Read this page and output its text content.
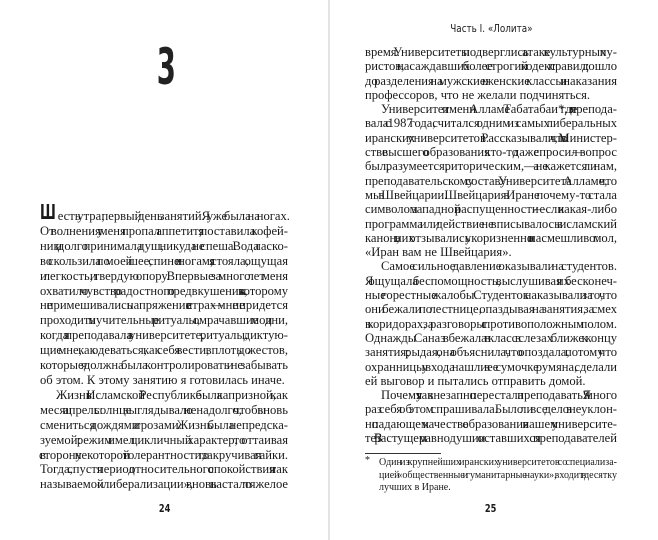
3
Ш есть утра; первый день занятий. Я уже была на ногах.
От волнения у меня пропал аппетит; я поставила кофей-
ник и долго принимала душ, никуда не спеша. Вода ласко-
во скользила по моей шее, спине и ногам; я стояла, ощущая
и легкость, и твердую опору. Впервые за много лет меня
охватило чувство радостного предвкушения, к которому
не примешивались напряжение и страх — мне не придется
проходить мучительные ритуалы, омрачавшие мои дни,
когда я преподавала в университете, ритуалы, диктую-
щие мне, как одеваться, как себя вести, вплоть до жестов,
которые я должна была контролировать и не забывать
об этом. К этому занятию я готовилась иначе.
Жизнь в Исламской Республике была капризной, как
месяц апрель: солнце выглядывало ненадолго, чтобы вновь
смениться дождями и грозами. Жизнь была непредска-
зуемой: режим имел цикличный характер, то оттаивая
в сторону некоторой толерантности, то закручивая гайки.
Тогда, спустя период относительного спокойствия и так
называемой «либерализации», вновь настало тяжелое
24
Часть I. «Лолита»
время. Университеты подверглись атаке культурных пу-
ристов, насаждавших более строгий кодекс правил; дошло
до разделения на мужские и женские классы и наказания
профессоров, что не желали подчиняться.
Университет имени Алламе Табатабаи*, где я препода-
вала с 1987 года, считался одним из самых либеральных
иранских университетов. Рассказывали, что в Министер-
стве высшего образования кто-то даже спросил — вопрос
был, разумеется, риторическим,— а не кажется ли нам,
преподавательскому составу Университета Алламе, что
мы в Швейцарии. Швейцария в Иране почему-то стала
символом западной распущенности — если какая-либо
программа или действие не вписывалось в исламский
канон, о них отзывались укоризненно и насмешливо: мол,
«Иран вам не Швейцария».
Самое сильное давление оказывали на студентов.
Я ощущала беспомощность, выслушивая их бесконеч-
ные горестные жалобы. Студенток наказывали за то, что
они бежали по лестнице, опаздывая на занятия, за смех
в коридорах, за разговоры с противоположным полом.
Однажды Саназ вбежала в класс в слезах ближе к концу
занятия; рыдая, она объяснила, что опоздала, потому что
охранницы у входа нашли в ее сумочке румяна, сделали
ей выговор и пытались отправить домой.
Почему я так внезапно перестала преподавать? Я много
раз себя об этом спрашивала. Было ли все дело в неуклон-
но падающем качестве образования в нашем университе-
те? В растущем равнодушии оставшихся преподавателей
* Один из крупнейших иранских университетов со специализа-
цией «общественные и гуманитарные науки», входит в десятку
лучших в Иране.
25
